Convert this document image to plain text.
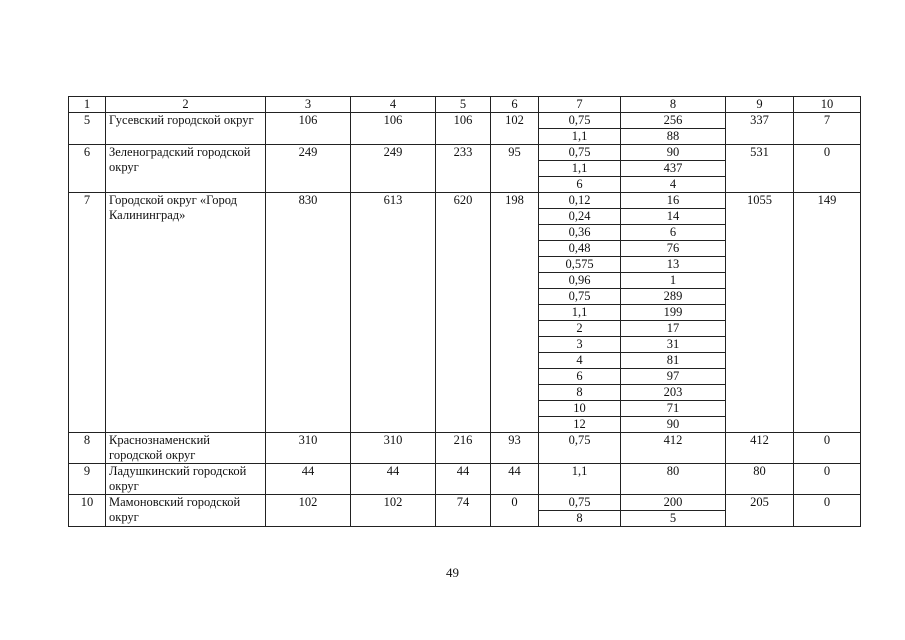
1	2	3	4	5	6	7	8	9	10
5	Гусевский городской округ	106	106	106	102	0,75	256	337	7
						1,1	88		
6	Зеленоградский городской округ	249	249	233	95	0,75	90	531	0
						1,1	437		
						6	4		
7	Городской округ «Город Калининград»	830	613	620	198	0,12	16	1055	149
						0,24	14		
						0,36	6		
						0,48	76		
						0,575	13		
						0,96	1		
						0,75	289		
						1,1	199		
						2	17		
						3	31		
						4	81		
						6	97		
						8	203		
						10	71		
						12	90		
8	Краснознаменский городской округ	310	310	216	93	0,75	412	412	0
9	Ладушкинский городской округ	44	44	44	44	1,1	80	80	0
10	Мамоновский городской округ	102	102	74	0	0,75	200	205	0
						8	5		
49
